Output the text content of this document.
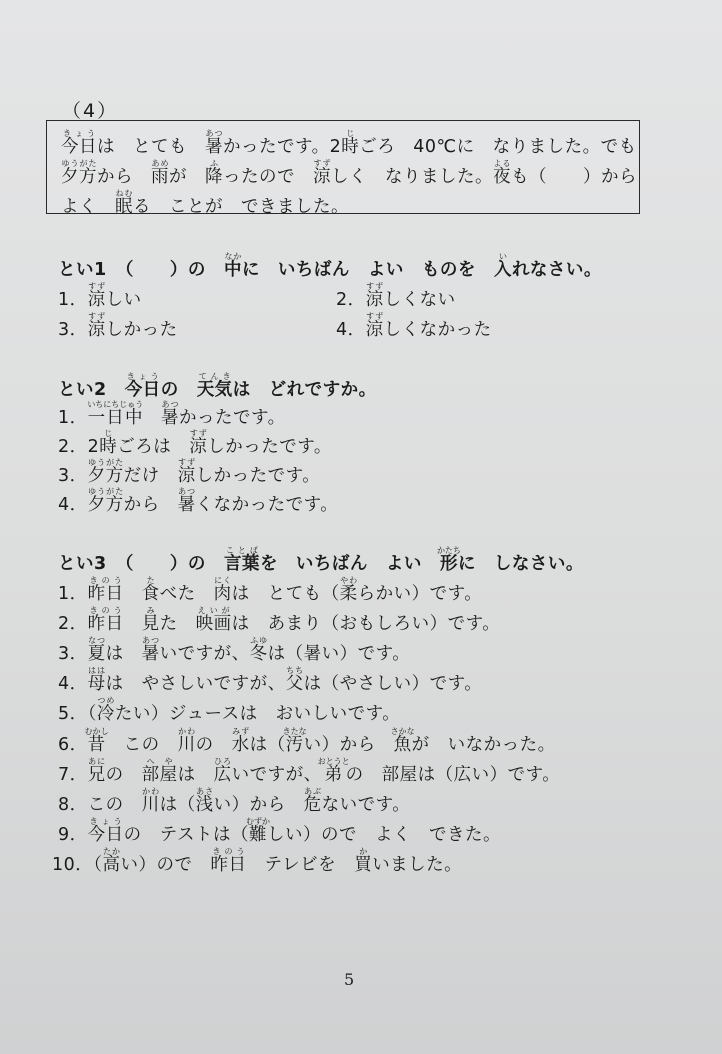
（4）
今日きょうは　とても　暑あつかったです。2時じごろ　40℃に　なりました。でも
夕方ゆうがたから　雨あめが　降ふったので　涼すずしく　なりました。夜よるも（　　）から
よく　眠ねむる　ことが　できました。
とい1　（　　）の　中なかに　いちばん　よい　ものを　入いれなさい。
1．涼すずしい	2．涼すずしくない
3．涼すずしかった	4．涼すずしくなかった
とい2　今日きょうの　天気てんきは　どれですか。
1．一日中いちにちじゅう　暑あつかったです。
2．2時じごろは　涼すずしかったです。
3．夕方ゆうがただけ　涼すずしかったです。
4．夕方ゆうがたから　暑あつくなかったです。
とい3　（　　）の　言葉ことばを　いちばん　よい　形かたちに　しなさい。
1．昨日きのう　食たべた　肉にくは　とても（柔やわらかい）です。
2．昨日きのう　見みた　映画えいがは　あまり（おもしろい）です。
3．夏なつは　暑あついですが、冬ふゆは（暑い）です。
4．母ははは　やさしいですが、父ちちは（やさしい）です。
5．（冷つめたい）ジュースは　おいしいです。
6．昔むかし　この　川かわの　水みずは（汚きたない）から　魚さかなが　いなかった。
7．兄あにの　部屋へやは　広ひろいですが、弟おとうとの　部屋は（広い）です。
8．この　川かわは（浅あさい）から　危あぶないです。
9．今日きょうの　テストは（難むずかしい）ので　よく　できた。
10．（高たかい）ので　昨日きのう　テレビを　買かいました。
5
